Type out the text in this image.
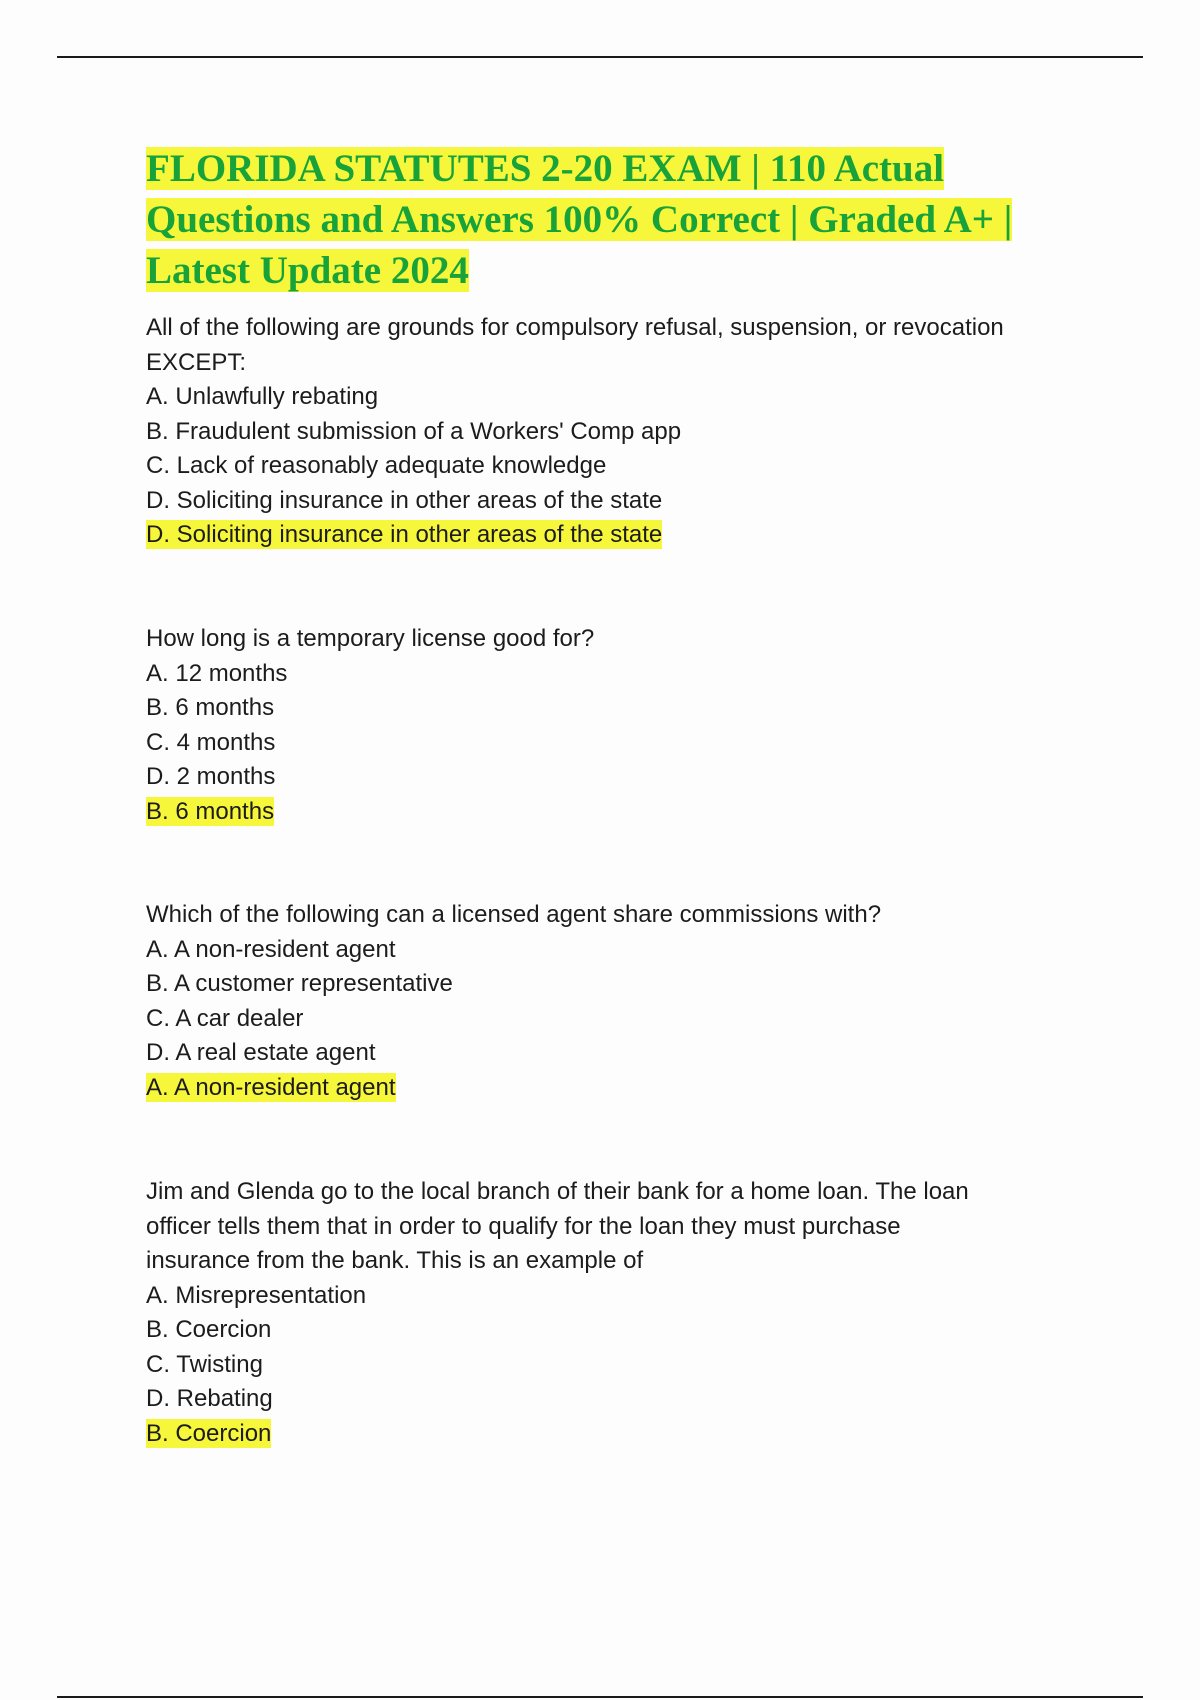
FLORIDA STATUTES 2-20 EXAM | 110 Actual Questions and Answers 100% Correct | Graded A+ | Latest Update 2024

All of the following are grounds for compulsory refusal, suspension, or revocation EXCEPT:

A. Unlawfully rebating
B. Fraudulent submission of a Workers' Comp app
C. Lack of reasonably adequate knowledge
D. Soliciting insurance in other areas of the state

D. Soliciting insurance in other areas of the state

How long is a temporary license good for?

A. 12 months
B. 6 months
C. 4 months
D. 2 months

B. 6 months

Which of the following can a licensed agent share commissions with?

A. A non-resident agent
B. A customer representative
C. A car dealer
D. A real estate agent

A. A non-resident agent

Jim and Glenda go to the local branch of their bank for a home loan. The loan officer tells them that in order to qualify for the loan they must purchase insurance from the bank. This is an example of

A. Misrepresentation
B. Coercion
C. Twisting
D. Rebating

B. Coercion
